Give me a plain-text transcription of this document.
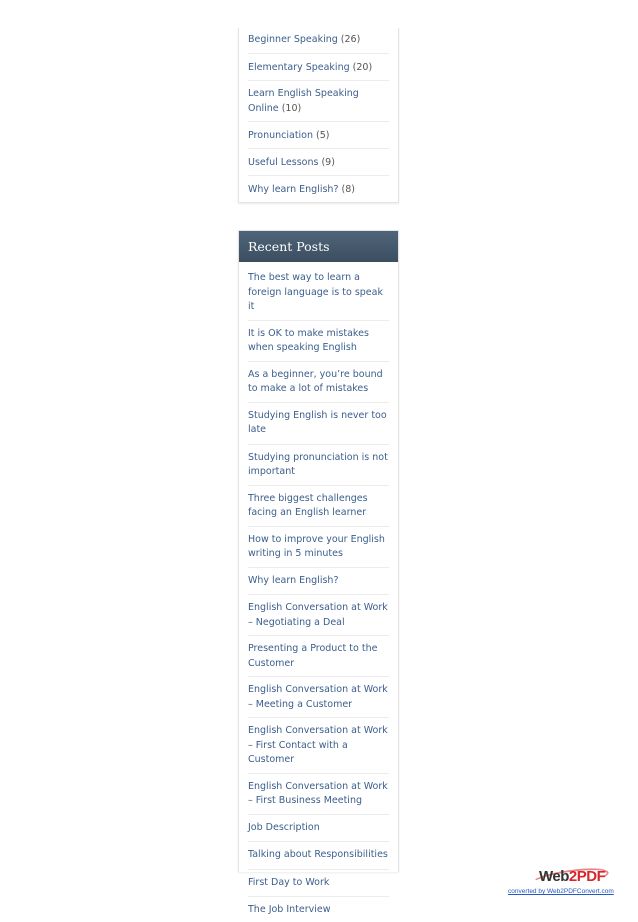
Beginner Speaking (26)
Elementary Speaking (20)
Learn English Speaking Online (10)
Pronunciation (5)
Useful Lessons (9)
Why learn English? (8)
Recent Posts
The best way to learn a foreign language is to speak it
It is OK to make mistakes when speaking English
As a beginner, you’re bound to make a lot of mistakes
Studying English is never too late
Studying pronunciation is not important
Three biggest challenges facing an English learner
How to improve your English writing in 5 minutes
Why learn English?
English Conversation at Work – Negotiating a Deal
Presenting a Product to the Customer
English Conversation at Work – Meeting a Customer
English Conversation at Work – First Contact with a Customer
English Conversation at Work – First Business Meeting
Job Description
Talking about Responsibilities
First Day to Work
The Job Interview
Web2PDF
converted by Web2PDFConvert.com
